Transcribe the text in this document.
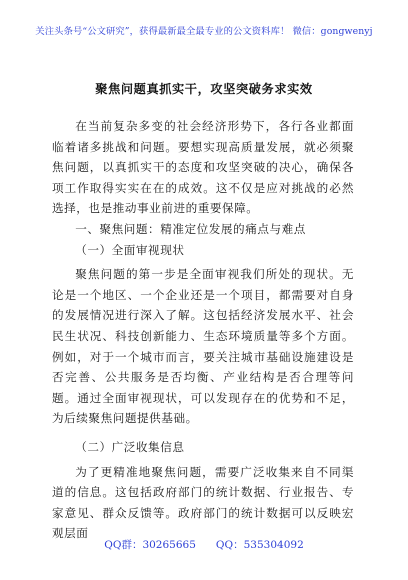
关注头条号“公文研究”，获得最新最全最专业的公文资料库！ 微信：gongwenyj
聚焦问题真抓实干，攻坚突破务求实效

在当前复杂多变的社会经济形势下，各行各业都面临着诸多挑战和问题。要想实现高质量发展，就必须聚焦问题，以真抓实干的态度和攻坚突破的决心，确保各项工作取得实实在在的成效。这不仅是应对挑战的必然选择，也是推动事业前进的重要保障。

一、聚焦问题：精准定位发展的痛点与难点

（一）全面审视现状

聚焦问题的第一步是全面审视我们所处的现状。无论是一个地区、一个企业还是一个项目，都需要对自身的发展情况进行深入了解。这包括经济发展水平、社会民生状况、科技创新能力、生态环境质量等多个方面。例如，对于一个城市而言，要关注城市基础设施建设是否完善、公共服务是否均衡、产业结构是否合理等问题。通过全面审视现状，可以发现存在的优势和不足，为后续聚焦问题提供基础。

（二）广泛收集信息

为了更精准地聚焦问题，需要广泛收集来自不同渠道的信息。这包括政府部门的统计数据、行业报告、专家意见、群众反馈等。政府部门的统计数据可以反映宏观层面

QQ群：30265665 QQ：535304092
